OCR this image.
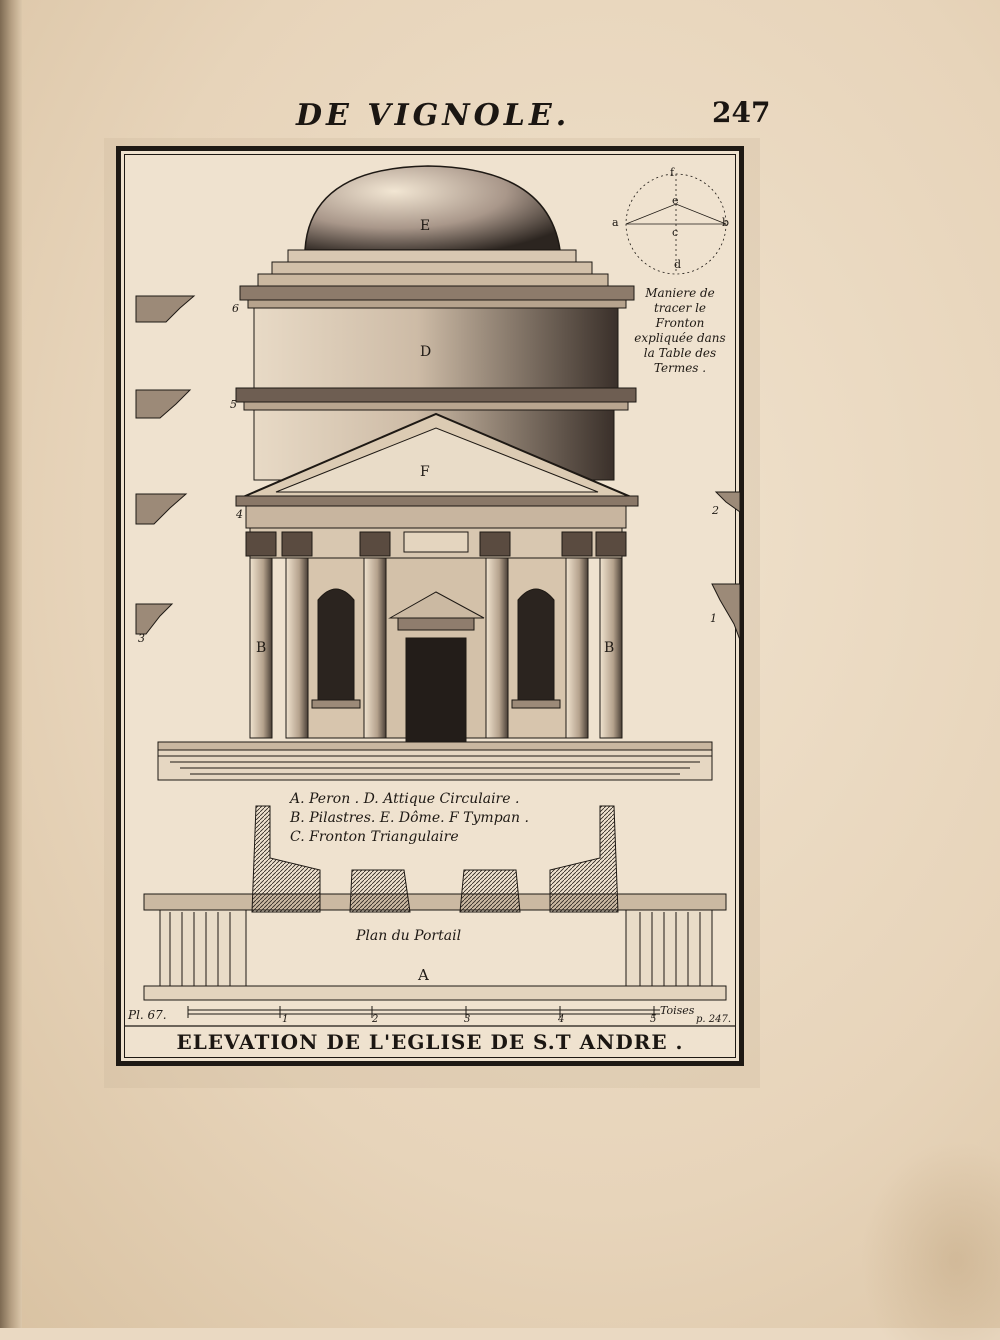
DE VIGNOLE.	247
E
D
F
B	B
6
5
4
3
2
1
f
e
a	b
c
d
Maniere de
tracer le
Fronton
expliquée dans
la Table des
Termes .
A. Peron . D. Attique Circulaire .
B. Pilastres. E. Dôme. F Tympan .
C. Fronton Triangulaire
Plan du Portail
A
Pl. 67.	1	2	3	4	5
Toises
p. 247.
ELEVATION DE L'EGLISE DE S.T ANDRE .
